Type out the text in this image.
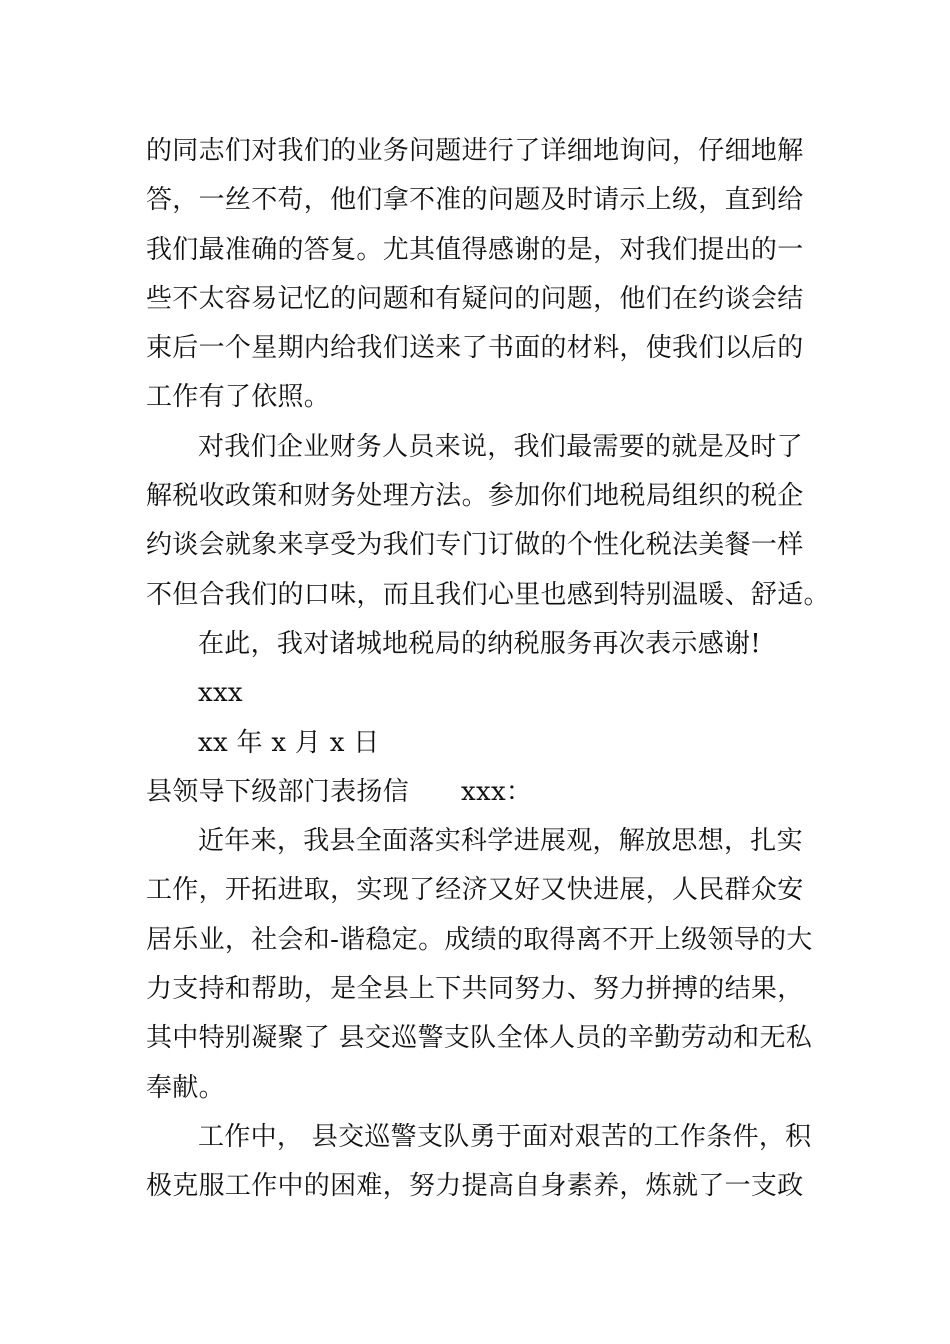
的同志们对我们的业务问题进行了详细地询问，仔细地解
答，一丝不苟，他们拿不准的问题及时请示上级，直到给
我们最准确的答复。尤其值得感谢的是，对我们提出的一
些不太容易记忆的问题和有疑问的问题，他们在约谈会结
束后一个星期内给我们送来了书面的材料，使我们以后的
工作有了依照。
对我们企业财务人员来说，我们最需要的就是及时了
解税收政策和财务处理方法。参加你们地税局组织的税企
约谈会就象来享受为我们专门订做的个性化税法美餐一样
不但合我们的口味，而且我们心里也感到特别温暖、舒适。
在此，我对诸城地税局的纳税服务再次表示感谢!
xxx
xx 年 x 月 x 日
县领导下级部门表扬信 xxx：
近年来，我县全面落实科学进展观，解放思想，扎实
工作，开拓进取，实现了经济又好又快进展，人民群众安
居乐业，社会和-谐稳定。成绩的取得离不开上级领导的大
力支持和帮助，是全县上下共同努力、努力拼搏的结果，
其中特别凝聚了 县交巡警支队全体人员的辛勤劳动和无私
奉献。
工作中， 县交巡警支队勇于面对艰苦的工作条件，积
极克服工作中的困难，努力提高自身素养，炼就了一支政
